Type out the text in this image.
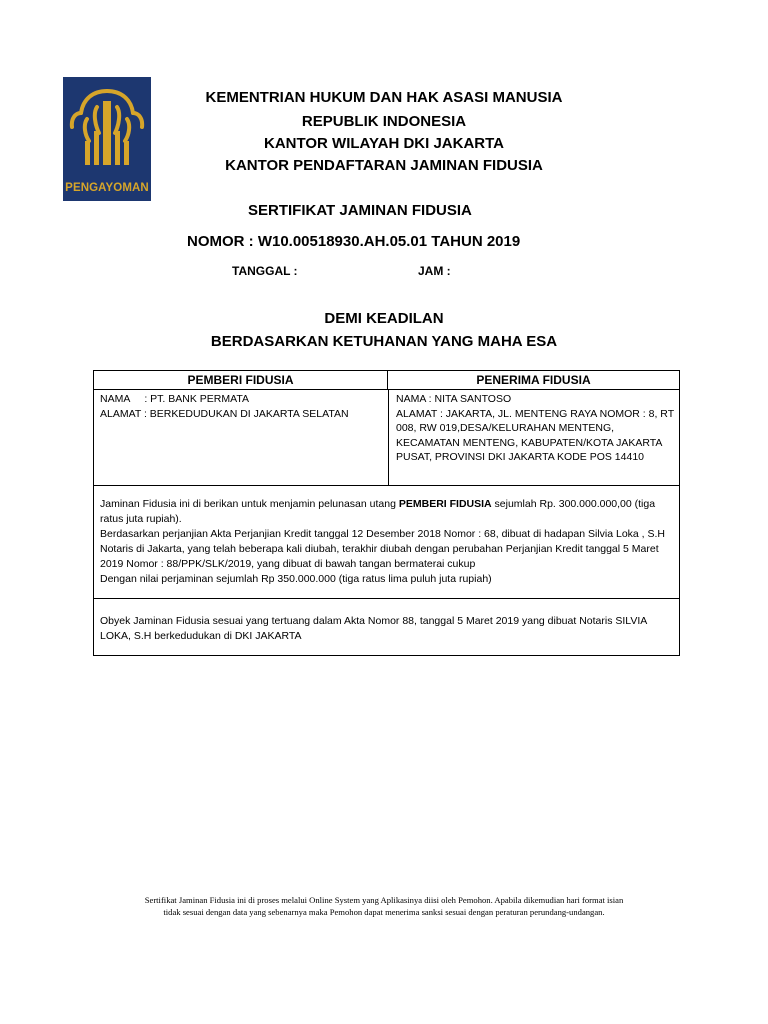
PENGAYOMAN
KEMENTRIAN HUKUM DAN HAK ASASI MANUSIA
REPUBLIK INDONESIA
KANTOR WILAYAH DKI JAKARTA
KANTOR PENDAFTARAN JAMINAN FIDUSIA
SERTIFIKAT JAMINAN FIDUSIA
NOMOR : W10.00518930.AH.05.01 TAHUN 2019
TANGGAL :	JAM :
DEMI KEADILAN
BERDASARKAN KETUHANAN YANG MAHA ESA
PEMBERI FIDUSIA	PENERIMA FIDUSIA
NAMA     : PT. BANK PERMATA
ALAMAT : BERKEDUDUKAN DI JAKARTA SELATAN
NAMA : NITA SANTOSO
ALAMAT : JAKARTA, JL. MENTENG RAYA NOMOR : 8, RT 008, RW 019,DESA/KELURAHAN MENTENG, KECAMATAN MENTENG, KABUPATEN/KOTA JAKARTA PUSAT, PROVINSI DKI JAKARTA KODE POS 14410
Jaminan Fidusia ini di berikan untuk menjamin pelunasan utang PEMBERI FIDUSIA sejumlah Rp. 300.000.000,00 (tiga ratus juta rupiah).
Berdasarkan perjanjian Akta Perjanjian Kredit tanggal 12 Desember 2018 Nomor : 68, dibuat di hadapan Silvia Loka , S.H Notaris di Jakarta, yang telah beberapa kali diubah, terakhir diubah dengan perubahan Perjanjian Kredit tanggal 5 Maret 2019 Nomor : 88/PPK/SLK/2019, yang dibuat di bawah tangan bermaterai cukup
Dengan nilai perjaminan sejumlah Rp 350.000.000 (tiga ratus lima puluh juta rupiah)
Obyek Jaminan Fidusia sesuai yang tertuang dalam Akta Nomor 88, tanggal 5 Maret 2019 yang dibuat Notaris SILVIA LOKA, S.H berkedudukan di DKI JAKARTA
Sertifikat Jaminan Fidusia ini di proses melalui Online System yang Aplikasinya diisi oleh Pemohon. Apabila dikemudian hari format isian
tidak sesuai dengan data yang sebenarnya maka Pemohon dapat menerima sanksi sesuai dengan peraturan perundang-undangan.
